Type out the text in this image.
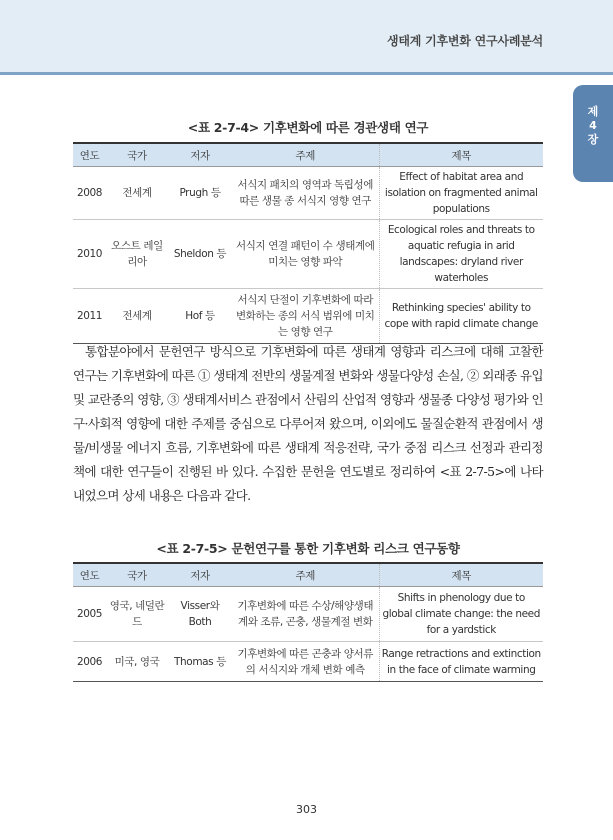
생태계 기후변화 연구사례분석
제 4 장
<표 2-7-4> 기후변화에 따른 경관생태 연구
연도	국가	저자	주제	제목
2008	전세계	Prugh 등	서식지 패치의 영역과 독립성에 따른 생물 종 서식지 영향 연구	Effect of habitat area and isolation on fragmented animal populations
2010	오스트 레일리아	Sheldon 등	서식지 연결 패턴이 수 생태계에 미치는 영향 파악	Ecological roles and threats to aquatic refugia in arid landscapes: dryland river waterholes
2011	전세계	Hof 등	서식지 단절이 기후변화에 따라 변화하는 종의 서식 범위에 미치는 영향 연구	Rethinking species' ability to cope with rapid climate change

통합분야에서 문헌연구 방식으로 기후변화에 따른 생태계 영향과 리스크에 대해 고찰한 연구는 기후변화에 따른 ① 생태계 전반의 생물계절 변화와 생물다양성 손실, ② 외래종 유입 및 교란종의 영향, ③ 생태계서비스 관점에서 산림의 산업적 영향과 생물종 다양성 평가와 인구·사회적 영향에 대한 주제를 중심으로 다루어져 왔으며, 이외에도 물질순환적 관점에서 생물/비생물 에너지 흐름, 기후변화에 따른 생태계 적응전략, 국가 중점 리스크 선정과 관리정책에 대한 연구들이 진행된 바 있다. 수집한 문헌을 연도별로 정리하여 <표 2-7-5>에 나타내었으며 상세 내용은 다음과 같다.

<표 2-7-5> 문헌연구를 통한 기후변화 리스크 연구동향
연도	국가	저자	주제	제목
2005	영국, 네덜란드	Visser와 Both	기후변화에 따른 수상/해양생태계와 조류, 곤충, 생물계절 변화	Shifts in phenology due to global climate change: the need for a yardstick
2006	미국, 영국	Thomas 등	기후변화에 따른 곤충과 양서류의 서식지와 개체 변화 예측	Range retractions and extinction in the face of climate warming
303
